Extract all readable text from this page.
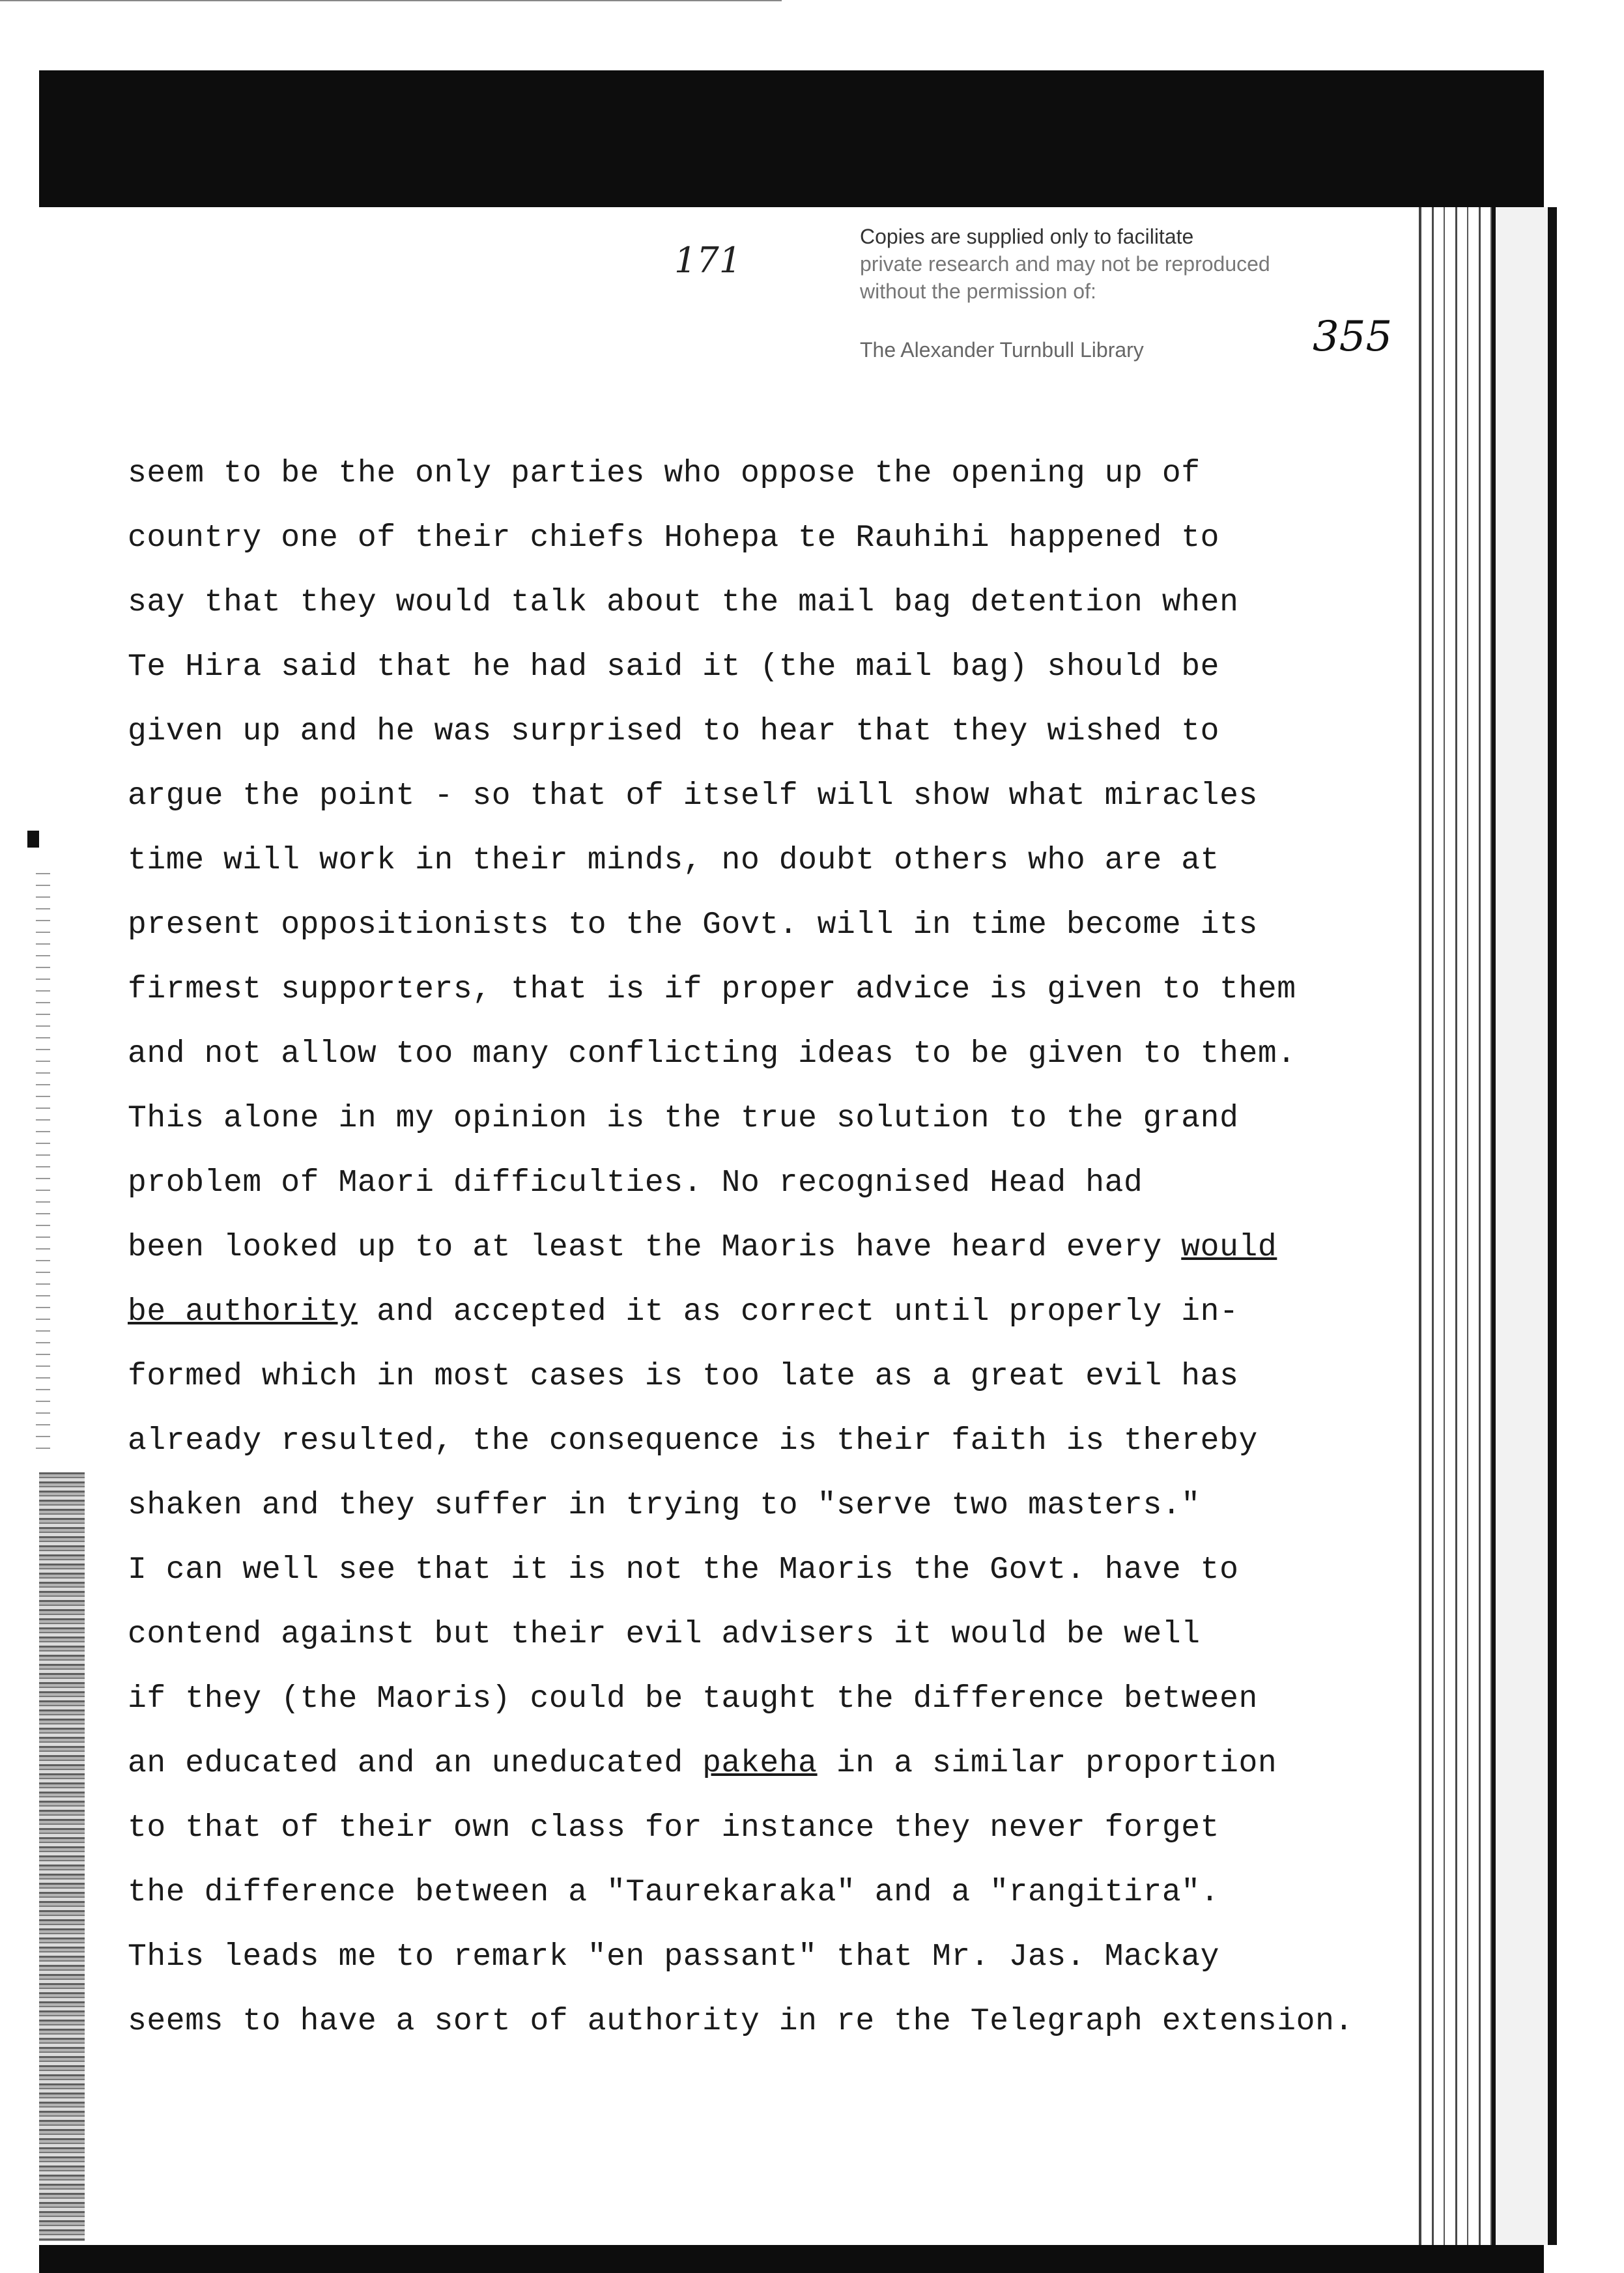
171
Copies are supplied only to facilitate
private research and may not be reproduced
without the permission of:
The Alexander Turnbull Library	355
seem to be the only parties who oppose the opening up of
country one of their chiefs Hohepa te Rauhihi happened to
say that they would talk about the mail bag detention when
Te Hira said that he had said it (the mail bag) should be
given up and he was surprised to hear that they wished to
argue the point - so that of itself will show what miracles
time will work in their minds, no doubt others who are at
present oppositionists to the Govt. will in time become its
firmest supporters, that is if proper advice is given to them
and not allow too many conflicting ideas to be given to them.
This alone in my opinion is the true solution to the grand
problem of Maori difficulties. No recognised Head had
been looked up to at least the Maoris have heard every would
be authority and accepted it as correct until properly in-
formed which in most cases is too late as a great evil has
already resulted, the consequence is their faith is thereby
shaken and they suffer in trying to "serve two masters."
I can well see that it is not the Maoris the Govt. have to
contend against but their evil advisers it would be well
if they (the Maoris) could be taught the difference between
an educated and an uneducated pakeha in a similar proportion
to that of their own class for instance they never forget
the difference between a "Taurekaraka" and a "rangitira".
This leads me to remark "en passant" that Mr. Jas. Mackay
seems to have a sort of authority in re the Telegraph extension.
